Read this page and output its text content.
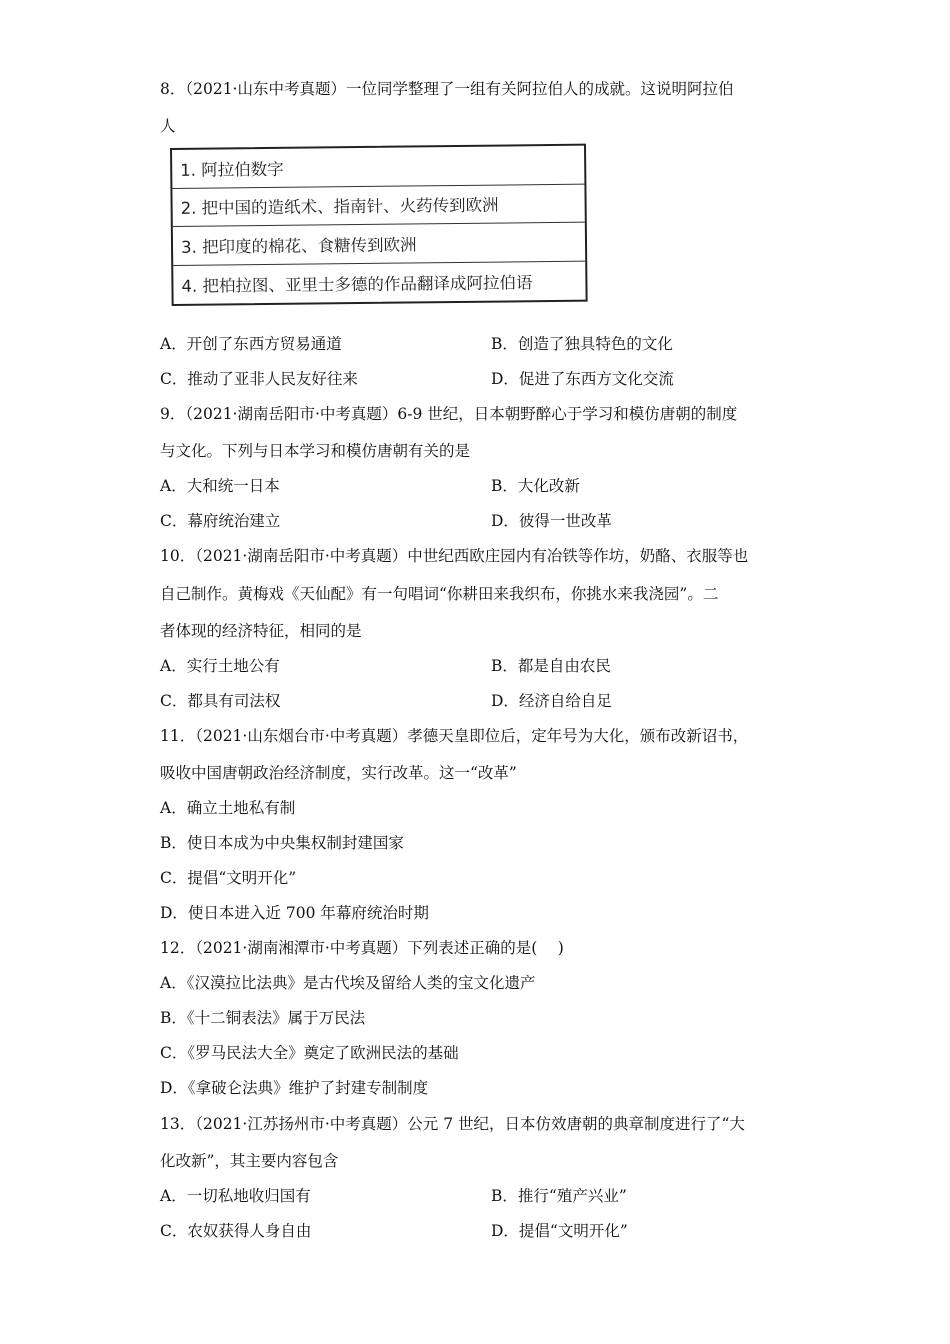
8．（2021·山东中考真题）一位同学整理了一组有关阿拉伯人的成就。这说明阿拉伯
人
1. 阿拉伯数字
2. 把中国的造纸术、指南针、火药传到欧洲
3. 把印度的棉花、食糖传到欧洲
4. 把柏拉图、亚里士多德的作品翻译成阿拉伯语
A．开创了东西方贸易通道	B．创造了独具特色的文化
C．推动了亚非人民友好往来	D．促进了东西方文化交流
9．（2021·湖南岳阳市·中考真题）6-9 世纪，日本朝野醉心于学习和模仿唐朝的制度
与文化。下列与日本学习和模仿唐朝有关的是
A．大和统一日本	B．大化改新
C．幕府统治建立	D．彼得一世改革
10．（2021·湖南岳阳市·中考真题）中世纪西欧庄园内有冶铁等作坊，奶酪、衣服等也
自己制作。黄梅戏《天仙配》有一句唱词“你耕田来我织布，你挑水来我浇园”。二
者体现的经济特征，相同的是
A．实行土地公有	B．都是自由农民
C．都具有司法权	D．经济自给自足
11．（2021·山东烟台市·中考真题）孝德天皇即位后，定年号为大化，颁布改新诏书，
吸收中国唐朝政治经济制度，实行改革。这一“改革”
A．确立土地私有制
B．使日本成为中央集权制封建国家
C．提倡“文明开化”
D．使日本进入近 700 年幕府统治时期
12．（2021·湖南湘潭市·中考真题）下列表述正确的是(　 )
A．《汉漠拉比法典》是古代埃及留给人类的宝文化遗产
B．《十二铜表法》属于万民法
C．《罗马民法大全》奠定了欧洲民法的基础
D．《拿破仑法典》维护了封建专制制度
13．（2021·江苏扬州市·中考真题）公元 7 世纪，日本仿效唐朝的典章制度进行了“大
化改新”，其主要内容包含
A．一切私地收归国有	B．推行“殖产兴业”
C．农奴获得人身自由	D．提倡“文明开化”
